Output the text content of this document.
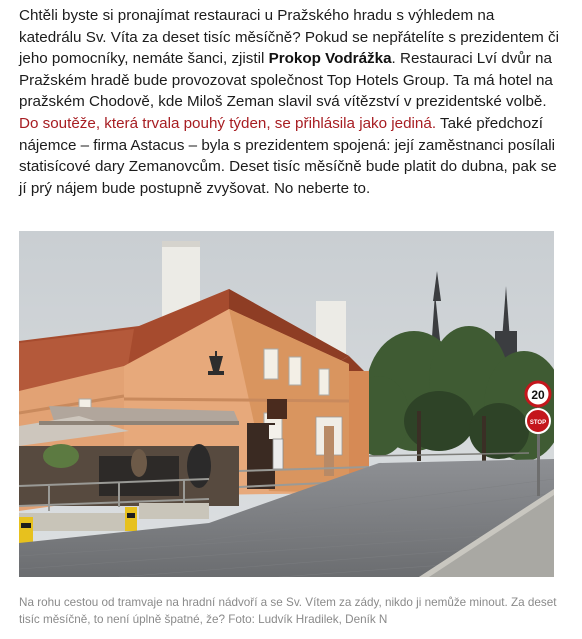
Chtěli byste si pronajímat restauraci u Pražského hradu s výhledem na katedrálu Sv. Víta za deset tisíc měsíčně? Pokud se nepřátelíte s prezidentem či jeho pomocníky, nemáte šanci, zjistil Prokop Vodrážka. Restauraci Lví dvůr na Pražském hradě bude provozovat společnost Top Hotels Group. Ta má hotel na pražském Chodově, kde Miloš Zeman slavil svá vítězství v prezidentské volbě. Do soutěže, která trvala pouhý týden, se přihlásila jako jediná. Také předchozí nájemce – firma Astacus – byla s prezidentem spojená: její zaměstnanci posílali statisícové dary Zemanovcům. Deset tisíc měsíčně bude platit do dubna, pak se jí prý nájem bude postupně zvyšovat. No neberte to.

20
STOP

Na rohu cestou od tramvaje na hradní nádvoří a se Sv. Vítem za zády, nikdo ji nemůže minout. Za deset tisíc měsíčně, to není úplně špatné, že? Foto: Ludvík Hradilek, Deník N
